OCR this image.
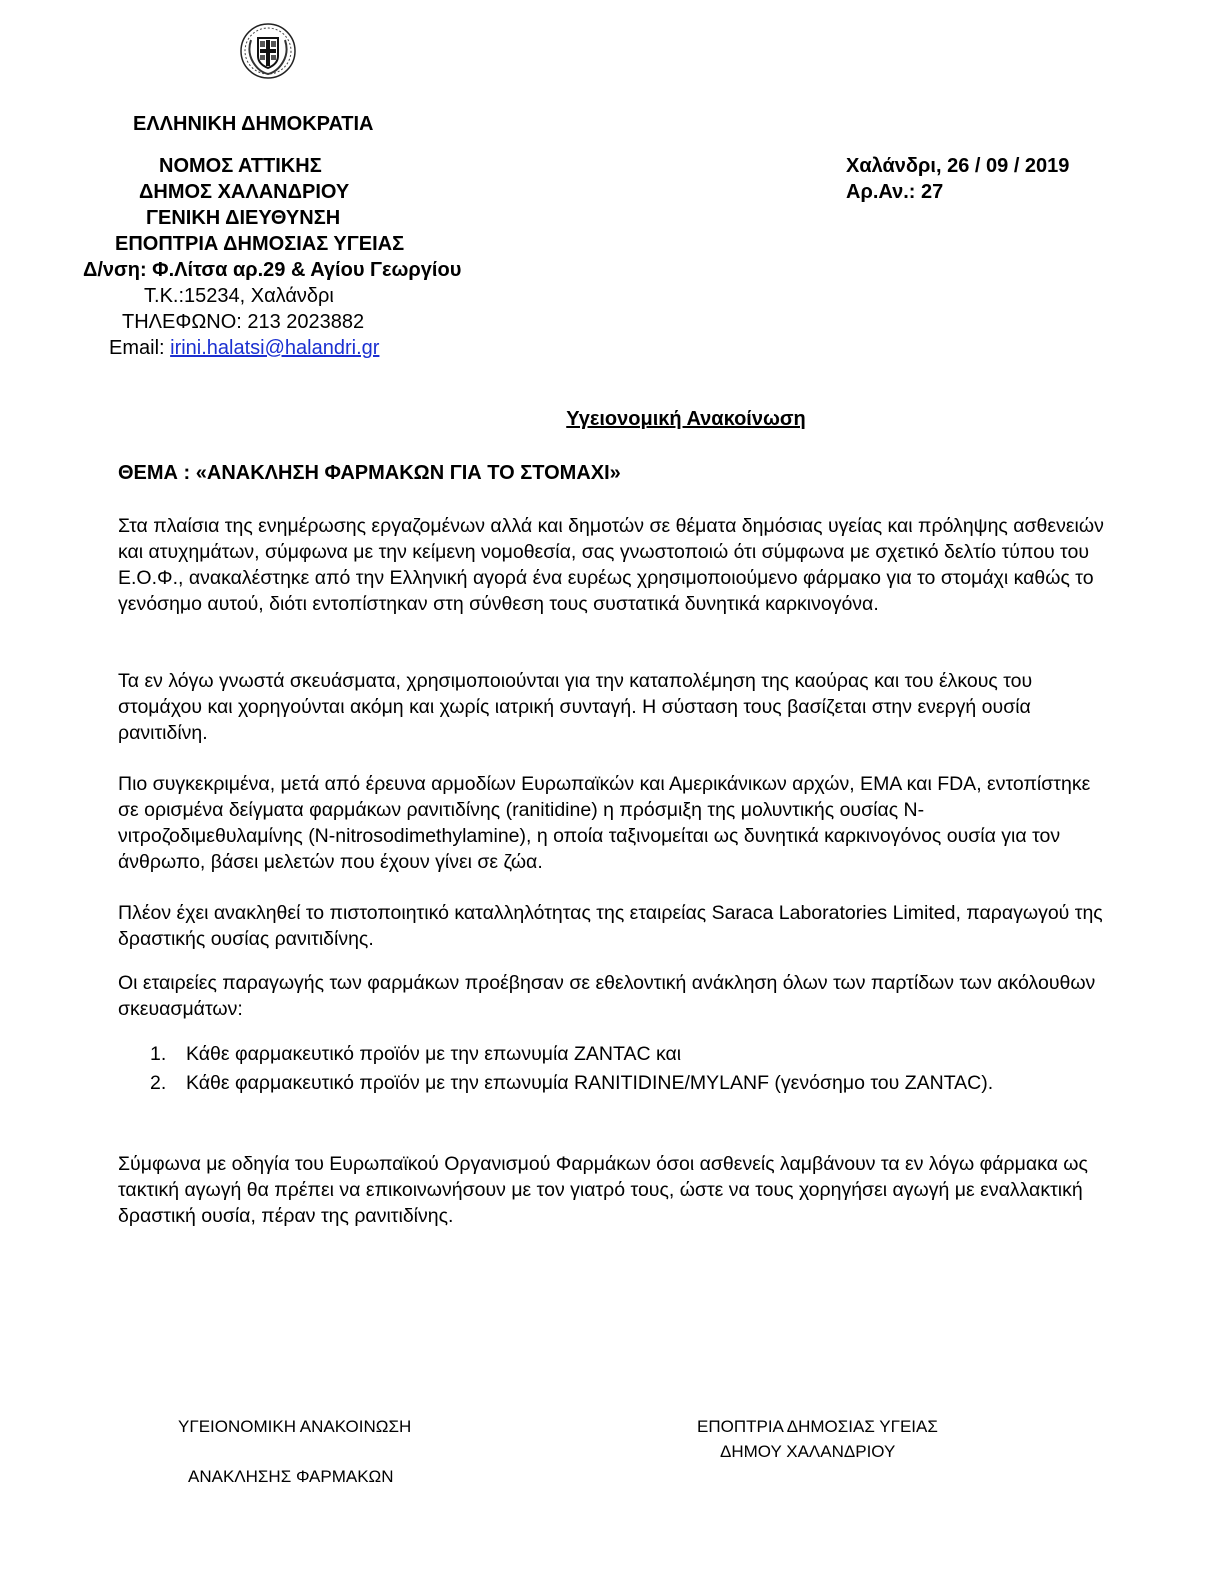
ΕΛΛΗΝΙΚΗ ΔΗΜΟΚΡΑΤΙΑ
ΝΟΜΟΣ ΑΤΤΙΚΗΣ
ΔΗΜΟΣ ΧΑΛΑΝΔΡΙΟΥ
ΓΕΝΙΚΗ ΔΙΕΥΘΥΝΣΗ
ΕΠΟΠΤΡΙΑ ΔΗΜΟΣΙΑΣ ΥΓΕΙΑΣ
Δ/νση: Φ.Λίτσα αρ.29 & Αγίου Γεωργίου
Τ.Κ.:15234, Χαλάνδρι
ΤΗΛΕΦΩΝΟ: 213 2023882
Email: irini.halatsi@halandri.gr
Χαλάνδρι, 26 / 09 / 2019
Αρ.Αν.: 27
Υγειονομική Ανακοίνωση
ΘΕΜΑ : «ΑΝΑΚΛΗΣΗ ΦΑΡΜΑΚΩΝ ΓΙΑ ΤΟ ΣΤΟΜΑΧΙ»
Στα πλαίσια της ενημέρωσης εργαζομένων αλλά και δημοτών σε θέματα δημόσιας υγείας και πρόληψης ασθενειών και ατυχημάτων, σύμφωνα με την κείμενη νομοθεσία, σας γνωστοποιώ ότι σύμφωνα με σχετικό δελτίο τύπου του Ε.Ο.Φ., ανακαλέστηκε από την Ελληνική αγορά ένα ευρέως χρησιμοποιούμενο φάρμακο για το στομάχι καθώς το γενόσημο αυτού, διότι εντοπίστηκαν στη σύνθεση τους συστατικά δυνητικά καρκινογόνα.
Τα εν λόγω γνωστά σκευάσματα, χρησιμοποιούνται για την καταπολέμηση της καούρας και του έλκους του στομάχου και χορηγούνται ακόμη και χωρίς ιατρική συνταγή. Η σύσταση τους βασίζεται στην ενεργή ουσία ρανιτιδίνη.
Πιο συγκεκριμένα, μετά από έρευνα αρμοδίων Ευρωπαϊκών και Αμερικάνικων αρχών, ΕΜΑ και FDA, εντοπίστηκε σε ορισμένα δείγματα φαρμάκων ρανιτιδίνης (ranitidine) η πρόσμιξη της μολυντικής ουσίας N-νιτροζοδιμεθυλαμίνης (N-nitrosodimethylamine), η οποία ταξινομείται ως δυνητικά καρκινογόνος ουσία για τον άνθρωπο, βάσει μελετών που έχουν γίνει σε ζώα.
Πλέον έχει ανακληθεί το πιστοποιητικό καταλληλότητας της εταιρείας Saraca Laboratories Limited, παραγωγού της δραστικής ουσίας ρανιτιδίνης.
Οι εταιρείες παραγωγής των φαρμάκων προέβησαν σε εθελοντική ανάκληση όλων των παρτίδων των ακόλουθων σκευασμάτων:
1. Κάθε φαρμακευτικό προϊόν με την επωνυμία ZANTAC και
2. Κάθε φαρμακευτικό προϊόν με την επωνυμία RANITIDINE/MYLANF (γενόσημο του ZANTAC).
Σύμφωνα με οδηγία του Ευρωπαϊκού Οργανισμού Φαρμάκων όσοι ασθενείς λαμβάνουν τα εν λόγω φάρμακα ως τακτική αγωγή θα πρέπει να επικοινωνήσουν με τον γιατρό τους, ώστε να τους χορηγήσει αγωγή με εναλλακτική δραστική ουσία, πέραν της ρανιτιδίνης.
ΥΓΕΙΟΝΟΜΙΚΗ ΑΝΑΚΟΙΝΩΣΗ
ΑΝΑΚΛΗΣΗΣ ΦΑΡΜΑΚΩΝ
ΕΠΟΠΤΡΙΑ ΔΗΜΟΣΙΑΣ ΥΓΕΙΑΣ
ΔΗΜΟΥ ΧΑΛΑΝΔΡΙΟΥ
